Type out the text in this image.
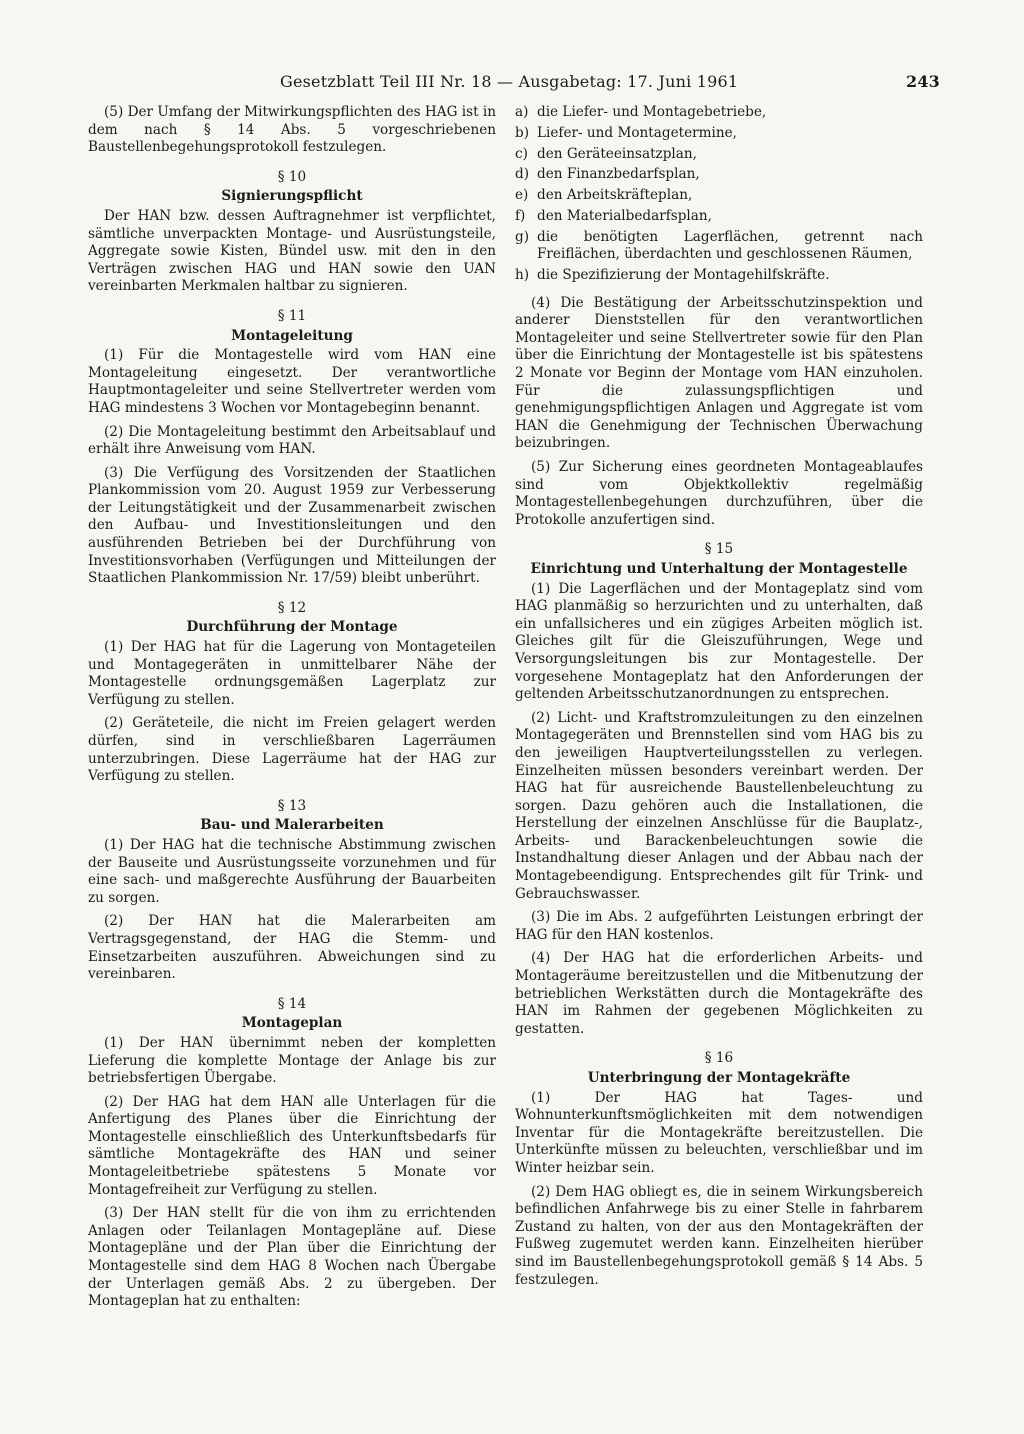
Gesetzblatt Teil III Nr. 18 — Ausgabetag: 17. Juni 1961	243

(5) Der Umfang der Mitwirkungspflichten des HAG ist in dem nach § 14 Abs. 5 vorgeschriebenen Baustellenbegehungsprotokoll festzulegen.

§ 10
Signierungspflicht

Der HAN bzw. dessen Auftragnehmer ist verpflichtet, sämtliche unverpackten Montage- und Ausrüstungsteile, Aggregate sowie Kisten, Bündel usw. mit den in den Verträgen zwischen HAG und HAN sowie den UAN vereinbarten Merkmalen haltbar zu signieren.

§ 11
Montageleitung

(1) Für die Montagestelle wird vom HAN eine Montageleitung eingesetzt. Der verantwortliche Hauptmontageleiter und seine Stellvertreter werden vom HAG mindestens 3 Wochen vor Montagebeginn benannt.

(2) Die Montageleitung bestimmt den Arbeitsablauf und erhält ihre Anweisung vom HAN.

(3) Die Verfügung des Vorsitzenden der Staatlichen Plankommission vom 20. August 1959 zur Verbesserung der Leitungstätigkeit und der Zusammenarbeit zwischen den Aufbau- und Investitionsleitungen und den ausführenden Betrieben bei der Durchführung von Investitionsvorhaben (Verfügungen und Mitteilungen der Staatlichen Plankommission Nr. 17/59) bleibt unberührt.

§ 12
Durchführung der Montage

(1) Der HAG hat für die Lagerung von Montageteilen und Montagegeräten in unmittelbarer Nähe der Montagestelle ordnungsgemäßen Lagerplatz zur Verfügung zu stellen.

(2) Geräteteile, die nicht im Freien gelagert werden dürfen, sind in verschließbaren Lagerräumen unterzubringen. Diese Lagerräume hat der HAG zur Verfügung zu stellen.

§ 13
Bau- und Malerarbeiten

(1) Der HAG hat die technische Abstimmung zwischen der Bauseite und Ausrüstungsseite vorzunehmen und für eine sach- und maßgerechte Ausführung der Bauarbeiten zu sorgen.

(2) Der HAN hat die Malerarbeiten am Vertragsgegenstand, der HAG die Stemm- und Einsetzarbeiten auszuführen. Abweichungen sind zu vereinbaren.

§ 14
Montageplan

(1) Der HAN übernimmt neben der kompletten Lieferung die komplette Montage der Anlage bis zur betriebsfertigen Übergabe.

(2) Der HAG hat dem HAN alle Unterlagen für die Anfertigung des Planes über die Einrichtung der Montagestelle einschließlich des Unterkunftsbedarfs für sämtliche Montagekräfte des HAN und seiner Montageleitbetriebe spätestens 5 Monate vor Montagefreiheit zur Verfügung zu stellen.

(3) Der HAN stellt für die von ihm zu errichtenden Anlagen oder Teilanlagen Montagepläne auf. Diese Montagepläne und der Plan über die Einrichtung der Montagestelle sind dem HAG 8 Wochen nach Übergabe der Unterlagen gemäß Abs. 2 zu übergeben. Der Montageplan hat zu enthalten:

a) die Liefer- und Montagebetriebe,
b) Liefer- und Montagetermine,
c) den Geräteeinsatzplan,
d) den Finanzbedarfsplan,
e) den Arbeitskräfteplan,
f) den Materialbedarfsplan,
g) die benötigten Lagerflächen, getrennt nach Freiflächen, überdachten und geschlossenen Räumen,
h) die Spezifizierung der Montagehilfskräfte.

(4) Die Bestätigung der Arbeitsschutzinspektion und anderer Dienststellen für den verantwortlichen Montageleiter und seine Stellvertreter sowie für den Plan über die Einrichtung der Montagestelle ist bis spätestens 2 Monate vor Beginn der Montage vom HAN einzuholen. Für die zulassungspflichtigen und genehmigungspflichtigen Anlagen und Aggregate ist vom HAN die Genehmigung der Technischen Überwachung beizubringen.

(5) Zur Sicherung eines geordneten Montageablaufes sind vom Objektkollektiv regelmäßig Montagestellenbegehungen durchzuführen, über die Protokolle anzufertigen sind.

§ 15
Einrichtung und Unterhaltung der Montagestelle

(1) Die Lagerflächen und der Montageplatz sind vom HAG planmäßig so herzurichten und zu unterhalten, daß ein unfallsicheres und ein zügiges Arbeiten möglich ist. Gleiches gilt für die Gleiszuführungen, Wege und Versorgungsleitungen bis zur Montagestelle. Der vorgesehene Montageplatz hat den Anforderungen der geltenden Arbeitsschutzanordnungen zu entsprechen.

(2) Licht- und Kraftstromzuleitungen zu den einzelnen Montagegeräten und Brennstellen sind vom HAG bis zu den jeweiligen Hauptverteilungsstellen zu verlegen. Einzelheiten müssen besonders vereinbart werden. Der HAG hat für ausreichende Baustellenbeleuchtung zu sorgen. Dazu gehören auch die Installationen, die Herstellung der einzelnen Anschlüsse für die Bauplatz-, Arbeits- und Barackenbeleuchtungen sowie die Instandhaltung dieser Anlagen und der Abbau nach der Montagebeendigung. Entsprechendes gilt für Trink- und Gebrauchswasser.

(3) Die im Abs. 2 aufgeführten Leistungen erbringt der HAG für den HAN kostenlos.

(4) Der HAG hat die erforderlichen Arbeits- und Montageräume bereitzustellen und die Mitbenutzung der betrieblichen Werkstätten durch die Montagekräfte des HAN im Rahmen der gegebenen Möglichkeiten zu gestatten.

§ 16
Unterbringung der Montagekräfte

(1) Der HAG hat Tages- und Wohnunterkunftsmöglichkeiten mit dem notwendigen Inventar für die Montagekräfte bereitzustellen. Die Unterkünfte müssen zu beleuchten, verschließbar und im Winter heizbar sein.

(2) Dem HAG obliegt es, die in seinem Wirkungsbereich befindlichen Anfahrwege bis zu einer Stelle in fahrbarem Zustand zu halten, von der aus den Montagekräften der Fußweg zugemutet werden kann. Einzelheiten hierüber sind im Baustellenbegehungsprotokoll gemäß § 14 Abs. 5 festzulegen.
